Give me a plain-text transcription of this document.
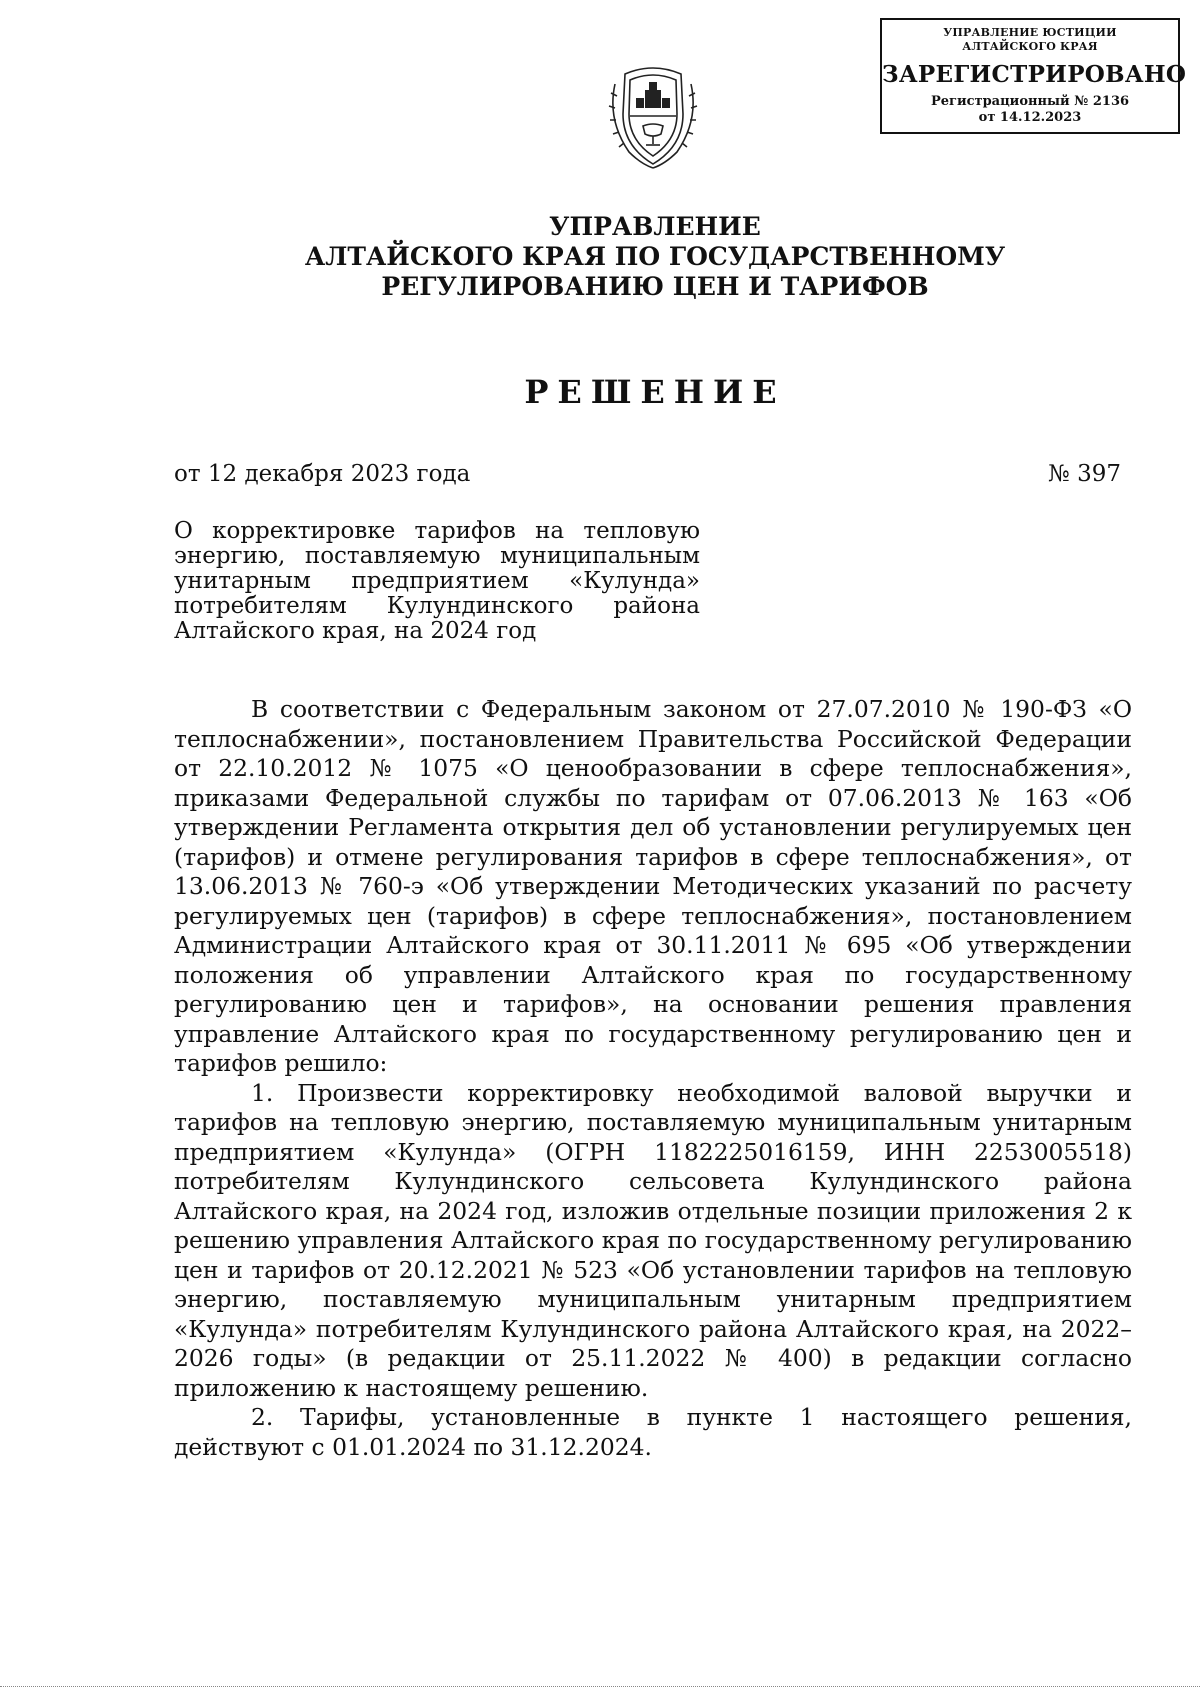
УПРАВЛЕНИЕ ЮСТИЦИИ
АЛТАЙСКОГО КРАЯ
ЗАРЕГИСТРИРОВАНО
Регистрационный № 2136
от 14.12.2023
УПРАВЛЕНИЕ
АЛТАЙСКОГО КРАЯ ПО ГОСУДАРСТВЕННОМУ
РЕГУЛИРОВАНИЮ ЦЕН И ТАРИФОВ
РЕШЕНИЕ
от 12 декабря 2023 года	№ 397
О корректировке тарифов на тепловую
энергию, поставляемую муниципальным
унитарным предприятием «Кулунда»
потребителям Кулундинского района
Алтайского края, на 2024 год

В соответствии с Федеральным законом от 27.07.2010 № 190-ФЗ «О теплоснабжении», постановлением Правительства Российской Федерации от 22.10.2012 № 1075 «О ценообразовании в сфере теплоснабжения», приказами Федеральной службы по тарифам от 07.06.2013 № 163 «Об утверждении Регламента открытия дел об установлении регулируемых цен (тарифов) и отмене регулирования тарифов в сфере теплоснабжения», от 13.06.2013 № 760-э «Об утверждении Методических указаний по расчету регулируемых цен (тарифов) в сфере теплоснабжения», постановлением Администрации Алтайского края от 30.11.2011 № 695 «Об утверждении положения об управлении Алтайского края по государственному регулированию цен и тарифов», на основании решения правления управление Алтайского края по государственному регулированию цен и тарифов решило:

1. Произвести корректировку необходимой валовой выручки и тарифов на тепловую энергию, поставляемую муниципальным унитарным предприятием «Кулунда» (ОГРН 1182225016159, ИНН 2253005518) потребителям Кулундинского сельсовета Кулундинского района Алтайского края, на 2024 год, изложив отдельные позиции приложения 2 к решению управления Алтайского края по государственному регулированию цен и тарифов от 20.12.2021 № 523 «Об установлении тарифов на тепловую энергию, поставляемую муниципальным унитарным предприятием «Кулунда» потребителям Кулундинского района Алтайского края, на 2022–2026 годы» (в редакции от 25.11.2022 № 400) в редакции согласно приложению к настоящему решению.

2. Тарифы, установленные в пункте 1 настоящего решения, действуют с 01.01.2024 по 31.12.2024.
